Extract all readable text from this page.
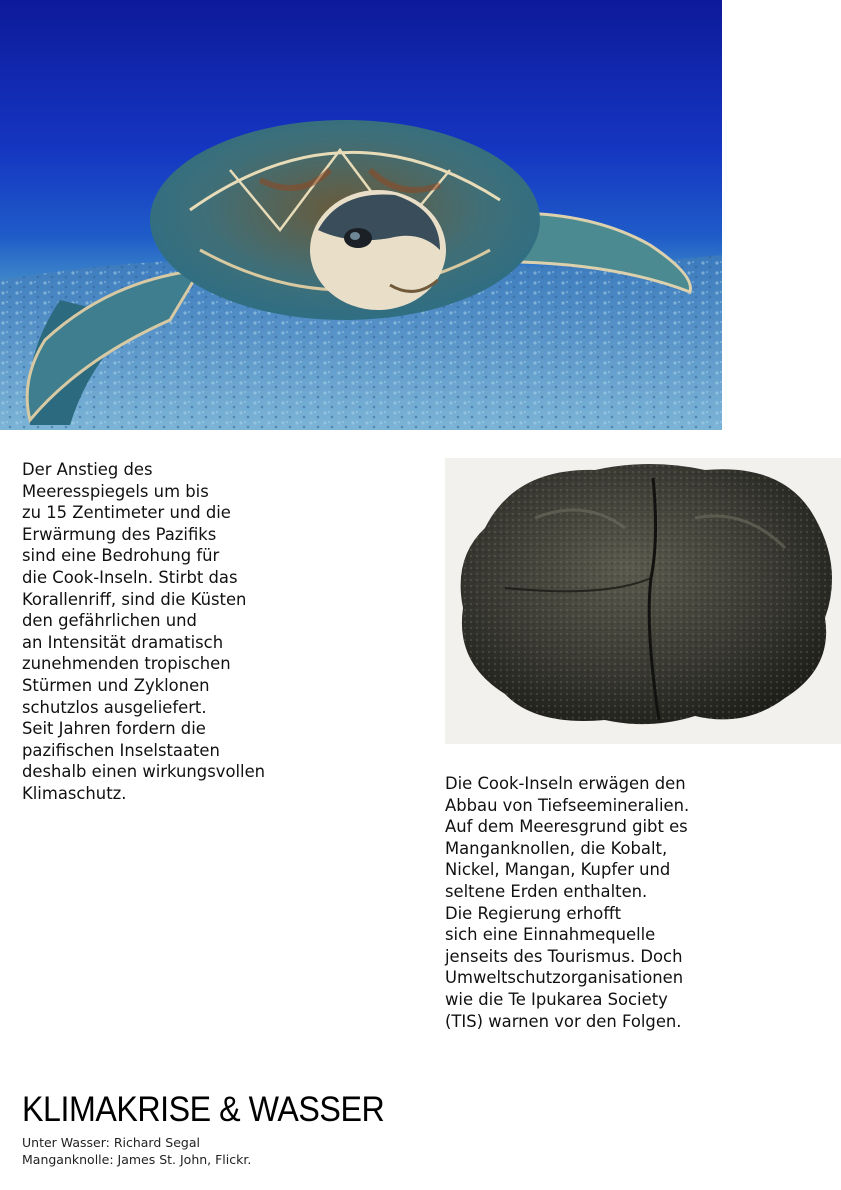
Der Anstieg des
Meeresspiegels um bis
zu 15 Zentimeter und die
Erwärmung des Pazifiks
sind eine Bedrohung für
die Cook-Inseln. Stirbt das
Korallenriff, sind die Küsten
den gefährlichen und
an Intensität dramatisch
zunehmenden tropischen
Stürmen und Zyklonen
schutzlos ausgeliefert.
Seit Jahren fordern die
pazifischen Inselstaaten
deshalb einen wirkungsvollen
Klimaschutz.

Die Cook-Inseln erwägen den
Abbau von Tiefseemineralien.
Auf dem Meeresgrund gibt es
Manganknollen, die Kobalt,
Nickel, Mangan, Kupfer und
seltene Erden enthalten.
Die Regierung erhofft
sich eine Einnahmequelle
jenseits des Tourismus. Doch
Umweltschutzorganisationen
wie die Te Ipukarea Society
(TIS) warnen vor den Folgen.

KLIMAKRISE & WASSER
Unter Wasser: Richard Segal
Manganknolle: James St. John, Flickr.
